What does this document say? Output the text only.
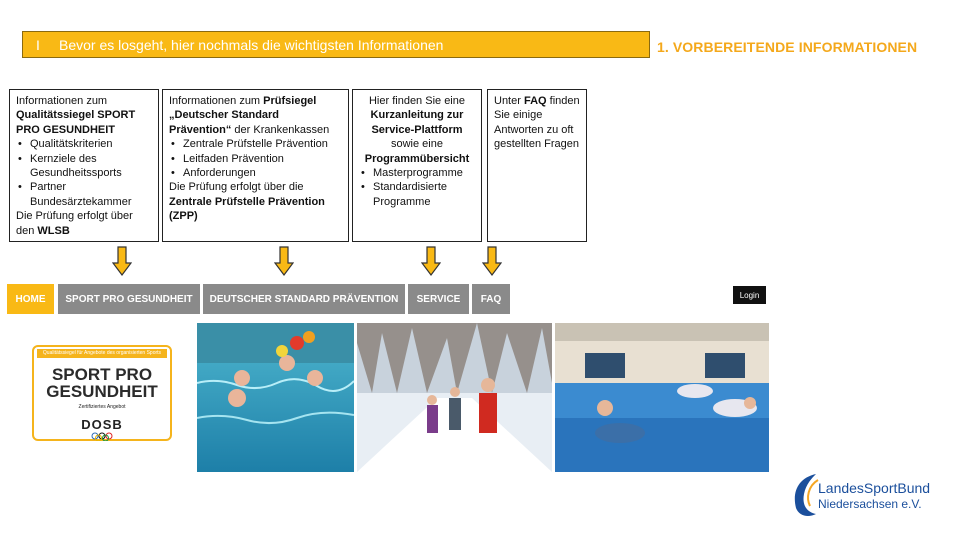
I	Bevor es losgeht, hier nochmals die wichtigsten Informationen	1. VORBEREITENDE INFORMATIONEN
Informationen zum
Qualitätssiegel SPORT PRO GESUNDHEIT
• Qualitätskriterien
• Kernziele des Gesundheitssports
• Partner Bundesärztekammer
Die Prüfung erfolgt über den WLSB
Informationen zum Prüfsiegel „Deutscher Standard Prävention“ der Krankenkassen
• Zentrale Prüfstelle Prävention
• Leitfaden Prävention
• Anforderungen
Die Prüfung erfolgt über die Zentrale Prüfstelle Prävention (ZPP)
Hier finden Sie eine Kurzanleitung zur Service-Plattform sowie eine Programmübersicht
• Masterprogramme
• Standardisierte Programme
Unter FAQ finden Sie einige Antworten zu oft gestellten Fragen
HOME	SPORT PRO GESUNDHEIT	DEUTSCHER STANDARD PRÄVENTION	SERVICE	FAQ	Login
Qualitätssiegel für Angebote des organisierten Sports
SPORT PRO
GESUNDHEIT
Zertifiziertes Angebot
DOSB
LandesSportBund
Niedersachsen e.V.
